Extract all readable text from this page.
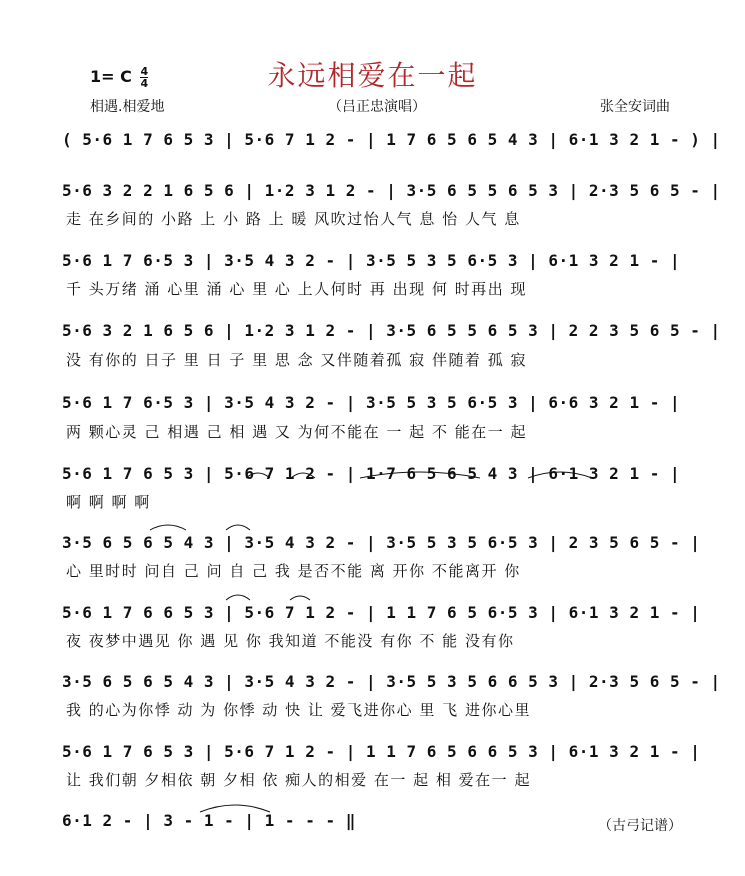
永远相爱在一起
1= C $\frac{4}{4}$
相遇.相爱地	（吕正忠演唱）	张全安词曲
( 5·6 1 7 6 5 3 | 5·6 7 1 2 - | 1 7 6 5 6 5 4 3 | 6·1 3 2 1 - ) |
5·6 3 2 2 1 6 5 6 | 1·2 3 1 2 - | 3·5 6 5 5 6 5 3 | 2·3 5 6 5 - |
走 在乡间的 小路 上 小 路 上 暖 风吹过怡人气 息 怡 人气 息
5·6 1 7 6·5 3 | 3·5 4 3 2 - | 3·5 5 3 5 6·5 3 | 6·1 3 2 1 - |
千 头万绪 涌 心里 涌 心 里 心 上人何时 再 出现 何 时再出 现
5·6 3 2 1 6 5 6 | 1·2 3 1 2 - | 3·5 6 5 5 6 5 3 | 2 2 3 5 6 5 - |
没 有你的 日子 里 日 子 里 思 念 又伴随着孤 寂 伴随着 孤 寂
5·6 1 7 6·5 3 | 3·5 4 3 2 - | 3·5 5 3 5 6·5 3 | 6·6 3 2 1 - |
两 颗心灵 己 相遇 己 相 遇 又 为何不能在 一 起 不 能在一 起
5·6 1 7 6 5 3 | 5·6 7 1 2 - | 1·7 6 5 6 5 4 3 | 6·1 3 2 1 - |
啊 啊 啊 啊
3·5 6 5 6 5 4 3 | 3·5 4 3 2 - | 3·5 5 3 5 6·5 3 | 2 3 5 6 5 - |
心 里时时 问自 己 问 自 己 我 是否不能 离 开你 不能离开 你
5·6 1 7 6 6 5 3 | 5·6 7 1 2 - | 1 1 7 6 5 6·5 3 | 6·1 3 2 1 - |
夜 夜梦中遇见 你 遇 见 你 我知道 不能没 有你 不 能 没有你
3·5 6 5 6 5 4 3 | 3·5 4 3 2 - | 3·5 5 3 5 6 6 5 3 | 2·3 5 6 5 - |
我 的心为你悸 动 为 你悸 动 快 让 爱飞进你心 里 飞 进你心里
5·6 1 7 6 5 3 | 5·6 7 1 2 - | 1 1 7 6 5 6 6 5 3 | 6·1 3 2 1 - |
让 我们朝 夕相依 朝 夕相 依 痴人的相爱 在一 起 相 爱在一 起
6·1 2 - | 3 - 1 - | 1 - - - ‖	（古弓记谱）
